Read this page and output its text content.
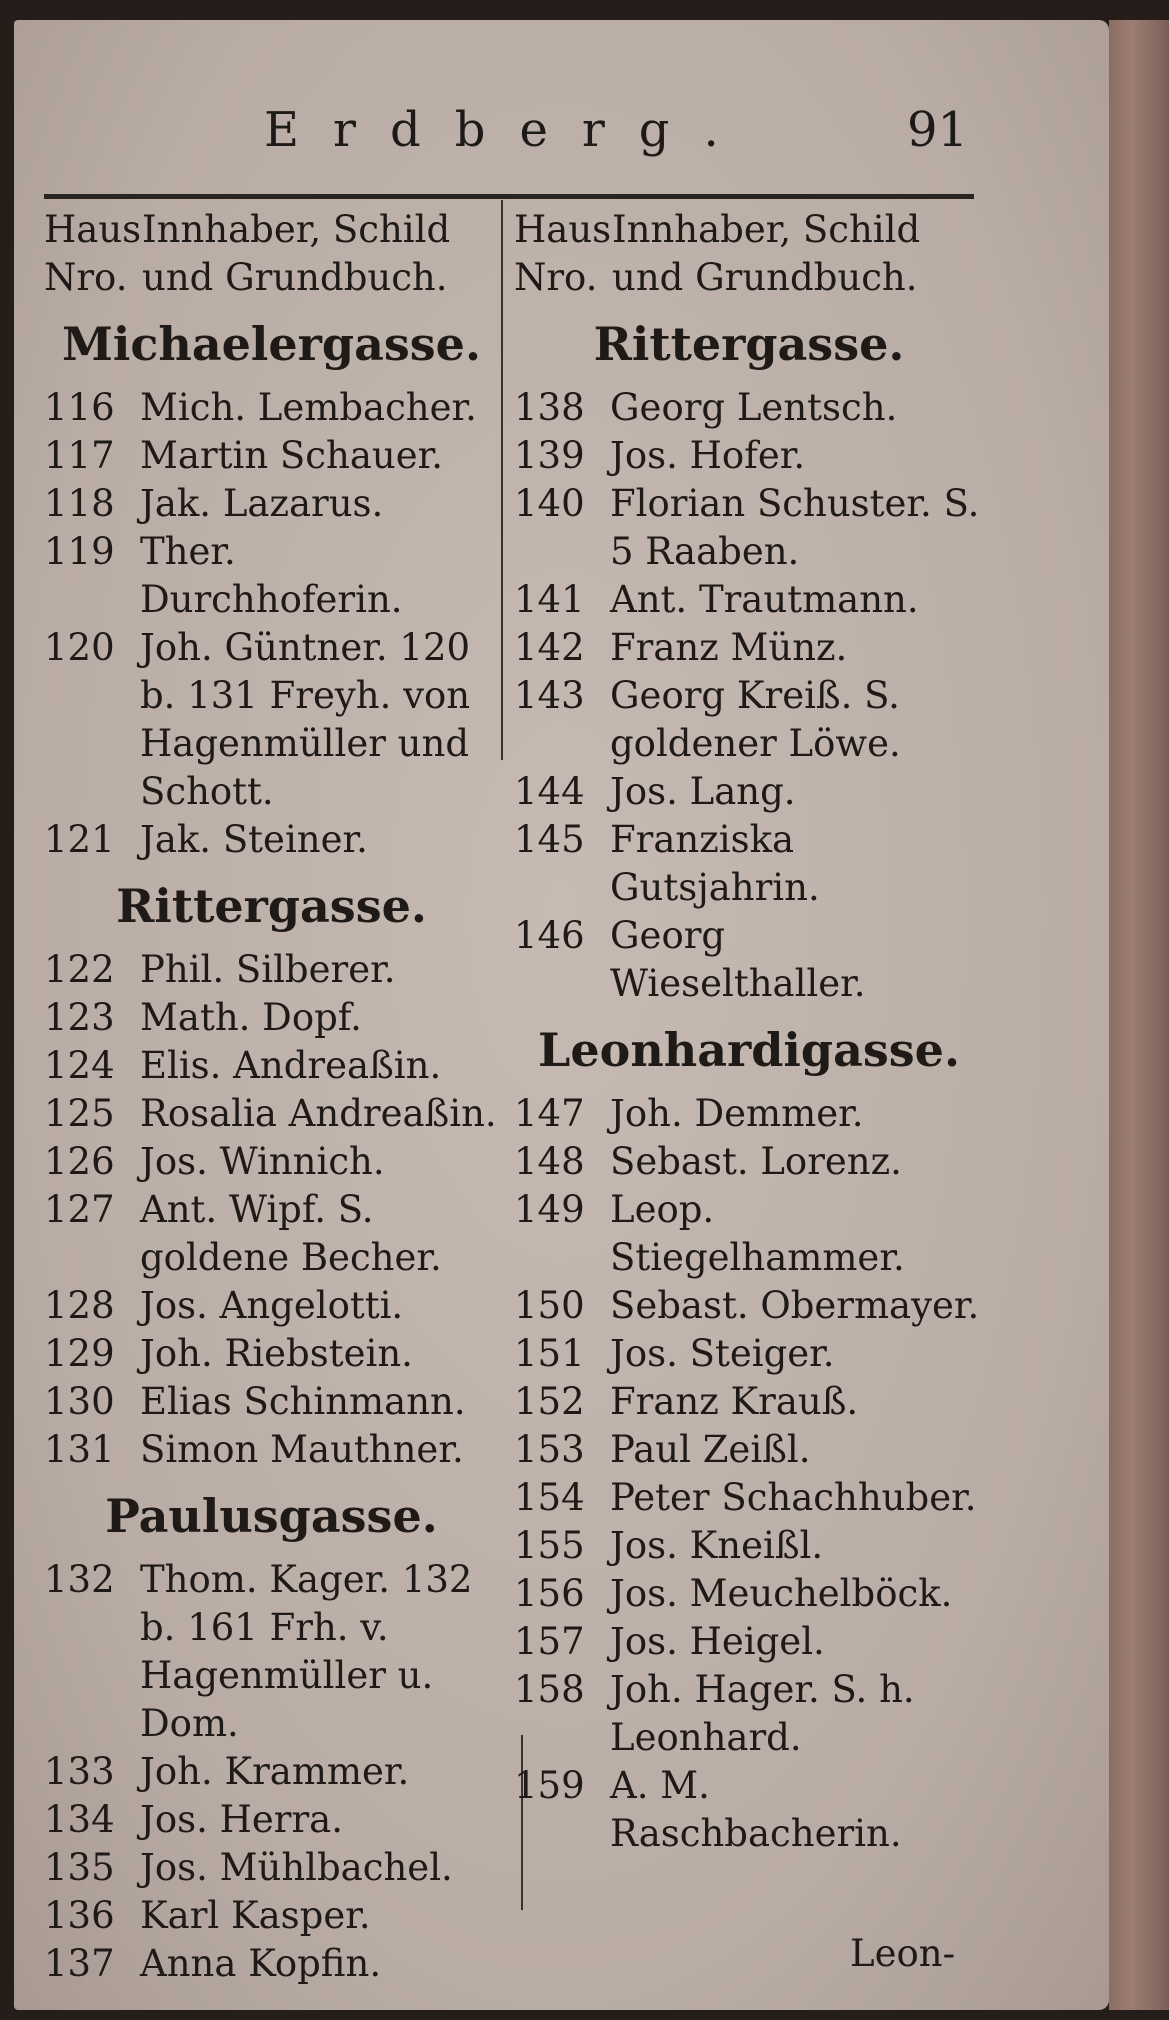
Erdberg.	91
Haus Innhaber, Schild
Nro. und Grundbuch.
Michaelergasse.
116 Mich. Lembacher.
117 Martin Schauer.
118 Jak. Lazarus.
119 Ther. Durchhoferin.
120 Joh. Güntner. 120 b. 131 Freyh. von Hagenmüller und Schott.
121 Jak. Steiner.
Rittergasse.
122 Phil. Silberer.
123 Math. Dopf.
124 Elis. Andreaßin.
125 Rosalia Andreaßin.
126 Jos. Winnich.
127 Ant. Wipf. S. goldene Becher.
128 Jos. Angelotti.
129 Joh. Riebstein.
130 Elias Schinmann.
131 Simon Mauthner.
Paulusgasse.
132 Thom. Kager. 132 b. 161 Frh. v. Hagenmüller u. Dom.
133 Joh. Krammer.
134 Jos. Herra.
135 Jos. Mühlbachel.
136 Karl Kasper.
137 Anna Kopfin.
Haus Innhaber, Schild
Nro. und Grundbuch.
Rittergasse.
138 Georg Lentsch.
139 Jos. Hofer.
140 Florian Schuster. S. 5 Raaben.
141 Ant. Trautmann.
142 Franz Münz.
143 Georg Kreiß. S. goldener Löwe.
144 Jos. Lang.
145 Franziska Gutsjahrin.
146 Georg Wieselthaller.
Leonhardigasse.
147 Joh. Demmer.
148 Sebast. Lorenz.
149 Leop. Stiegelhammer.
150 Sebast. Obermayer.
151 Jos. Steiger.
152 Franz Krauß.
153 Paul Zeißl.
154 Peter Schachhuber.
155 Jos. Kneißl.
156 Jos. Meuchelböck.
157 Jos. Heigel.
158 Joh. Hager. S. h. Leonhard.
159 A. M. Raschbacherin.
Leon-
